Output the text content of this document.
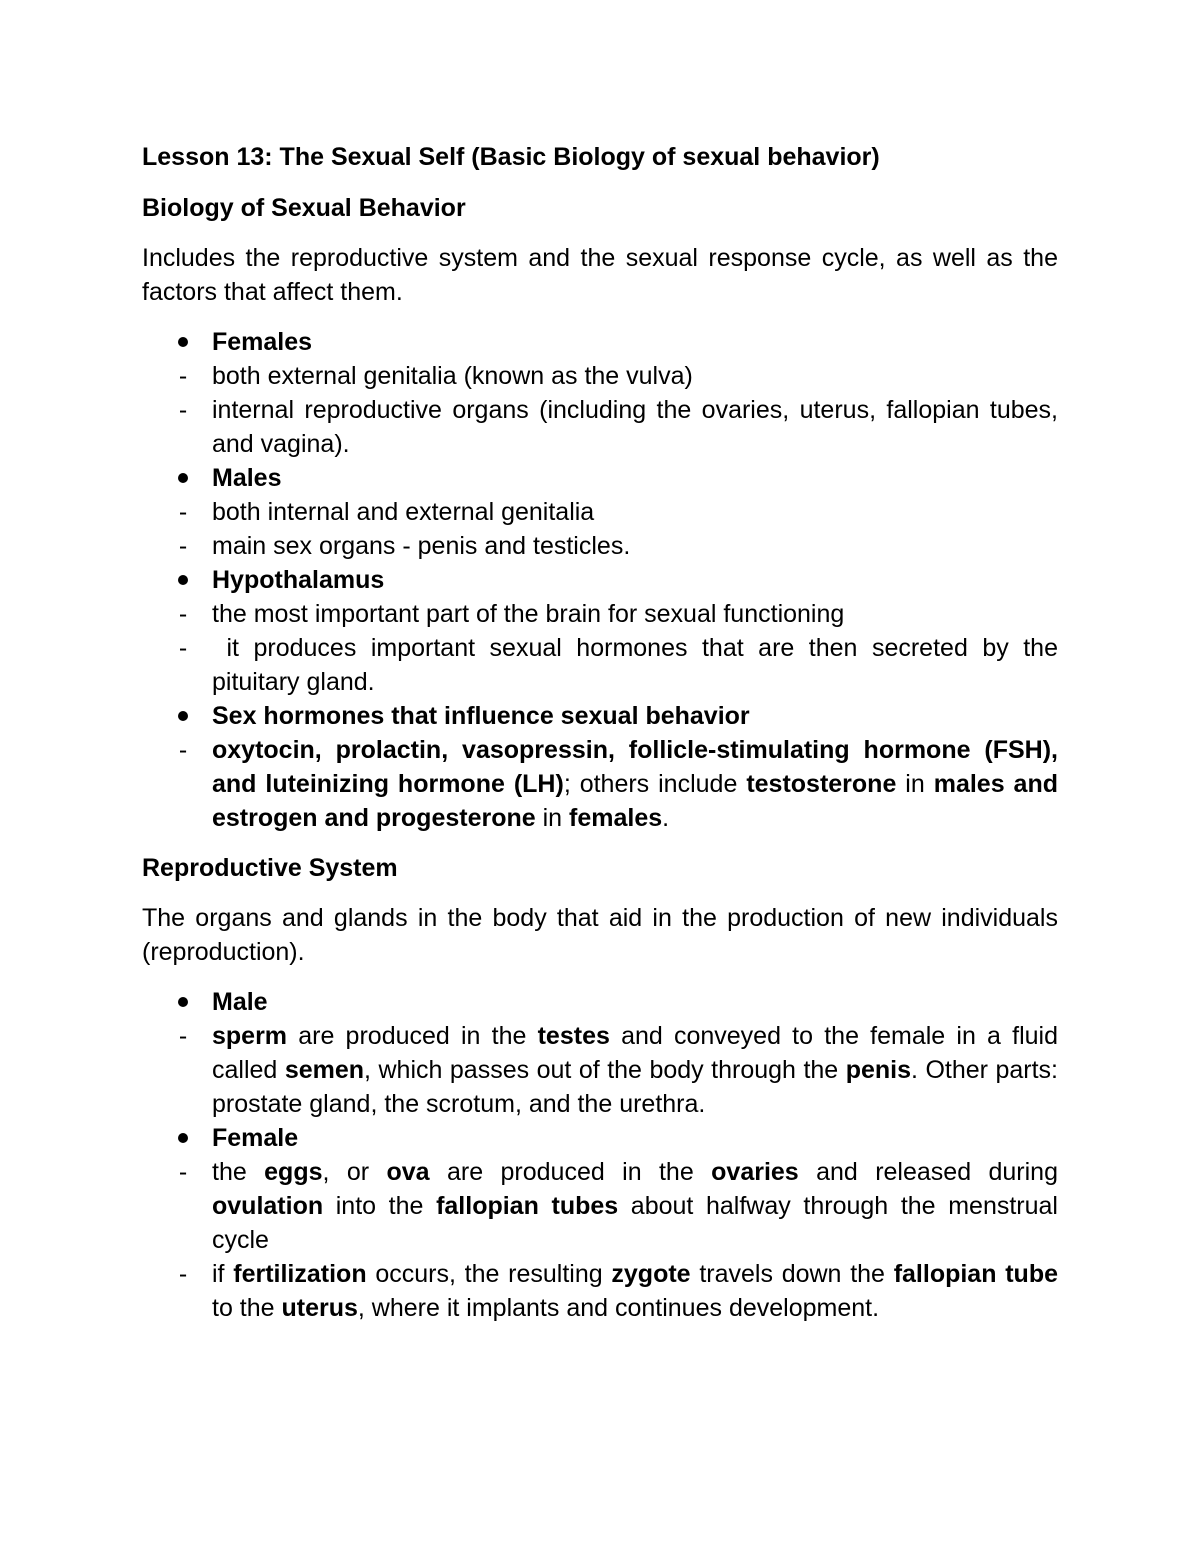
Lesson 13: The Sexual Self (Basic Biology of sexual behavior)

Biology of Sexual Behavior

Includes the reproductive system and the sexual response cycle, as well as the factors that affect them.

Females
- both external genitalia (known as the vulva)
- internal reproductive organs (including the ovaries, uterus, fallopian tubes, and vagina).
Males
- both internal and external genitalia
- main sex organs - penis and testicles.
Hypothalamus
- the most important part of the brain for sexual functioning
- it produces important sexual hormones that are then secreted by the pituitary gland.
Sex hormones that influence sexual behavior
- oxytocin, prolactin, vasopressin, follicle-stimulating hormone (FSH), and luteinizing hormone (LH); others include testosterone in males and estrogen and progesterone in females.

Reproductive System

The organs and glands in the body that aid in the production of new individuals (reproduction).

Male
- sperm are produced in the testes and conveyed to the female in a fluid called semen, which passes out of the body through the penis. Other parts: prostate gland, the scrotum, and the urethra.
Female
- the eggs, or ova are produced in the ovaries and released during ovulation into the fallopian tubes about halfway through the menstrual cycle
- if fertilization occurs, the resulting zygote travels down the fallopian tube to the uterus, where it implants and continues development.
